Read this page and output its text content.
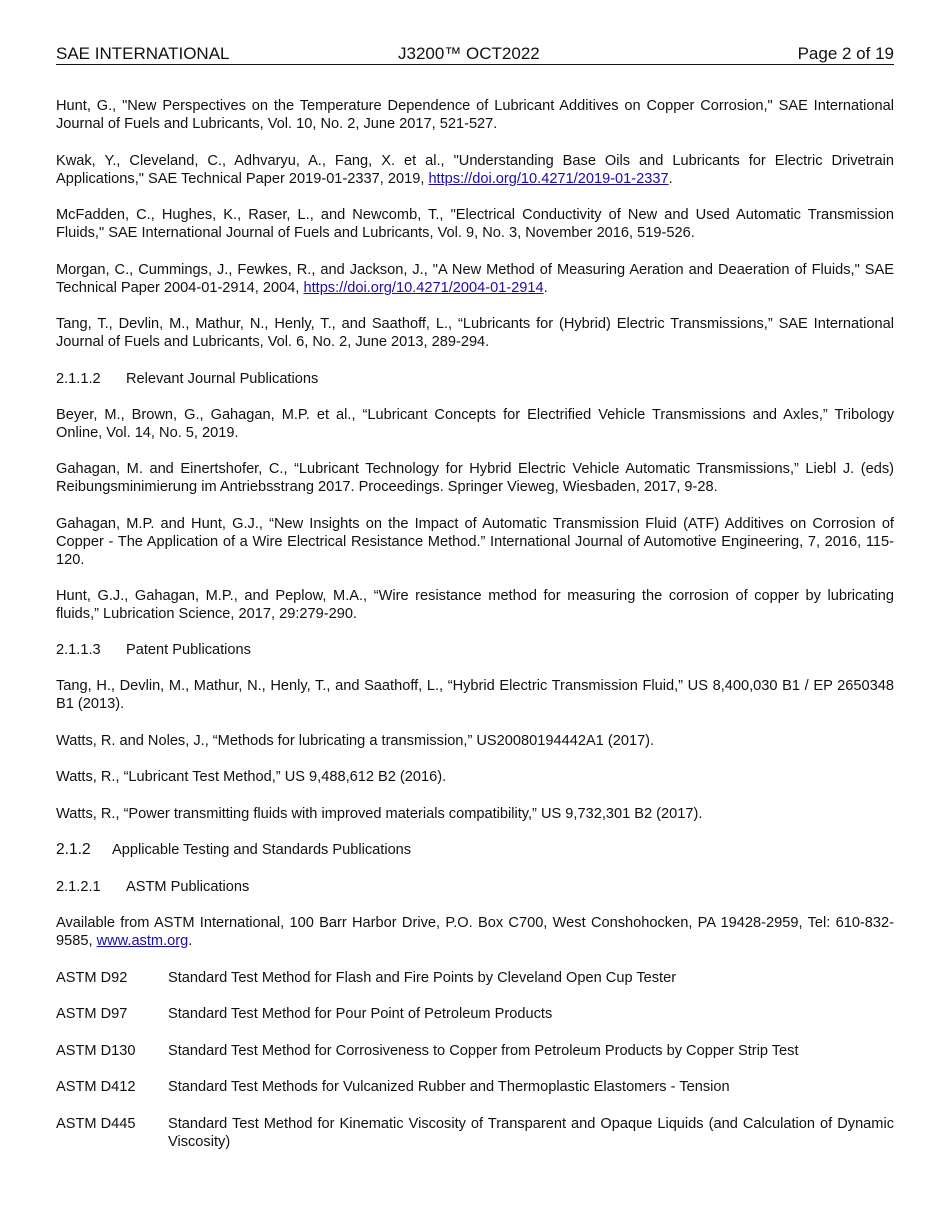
SAE INTERNATIONAL	J3200™ OCT2022	Page 2 of 19
Hunt, G., "New Perspectives on the Temperature Dependence of Lubricant Additives on Copper Corrosion," SAE International Journal of Fuels and Lubricants, Vol. 10, No. 2, June 2017, 521-527.
Kwak, Y., Cleveland, C., Adhvaryu, A., Fang, X. et al., "Understanding Base Oils and Lubricants for Electric Drivetrain Applications," SAE Technical Paper 2019-01-2337, 2019, https://doi.org/10.4271/2019-01-2337.
McFadden, C., Hughes, K., Raser, L., and Newcomb, T., "Electrical Conductivity of New and Used Automatic Transmission Fluids," SAE International Journal of Fuels and Lubricants, Vol. 9, No. 3, November 2016, 519-526.
Morgan, C., Cummings, J., Fewkes, R., and Jackson, J., "A New Method of Measuring Aeration and Deaeration of Fluids," SAE Technical Paper 2004-01-2914, 2004, https://doi.org/10.4271/2004-01-2914.
Tang, T., Devlin, M., Mathur, N., Henly, T., and Saathoff, L., “Lubricants for (Hybrid) Electric Transmissions,” SAE International Journal of Fuels and Lubricants, Vol. 6, No. 2, June 2013, 289-294.
2.1.1.2 Relevant Journal Publications
Beyer, M., Brown, G., Gahagan, M.P. et al., “Lubricant Concepts for Electrified Vehicle Transmissions and Axles,” Tribology Online, Vol. 14, No. 5, 2019.
Gahagan, M. and Einertshofer, C., “Lubricant Technology for Hybrid Electric Vehicle Automatic Transmissions,” Liebl J. (eds) Reibungsminimierung im Antriebsstrang 2017. Proceedings. Springer Vieweg, Wiesbaden, 2017, 9-28.
Gahagan, M.P. and Hunt, G.J., “New Insights on the Impact of Automatic Transmission Fluid (ATF) Additives on Corrosion of Copper - The Application of a Wire Electrical Resistance Method.” International Journal of Automotive Engineering, 7, 2016, 115-120.
Hunt, G.J., Gahagan, M.P., and Peplow, M.A., “Wire resistance method for measuring the corrosion of copper by lubricating fluids,” Lubrication Science, 2017, 29:279-290.
2.1.1.3 Patent Publications
Tang, H., Devlin, M., Mathur, N., Henly, T., and Saathoff, L., “Hybrid Electric Transmission Fluid,” US 8,400,030 B1 / EP 2650348 B1 (2013).
Watts, R. and Noles, J., “Methods for lubricating a transmission,” US20080194442A1 (2017).
Watts, R., “Lubricant Test Method,” US 9,488,612 B2 (2016).
Watts, R., “Power transmitting fluids with improved materials compatibility,” US 9,732,301 B2 (2017).
2.1.2 Applicable Testing and Standards Publications
2.1.2.1 ASTM Publications
Available from ASTM International, 100 Barr Harbor Drive, P.O. Box C700, West Conshohocken, PA 19428-2959, Tel: 610-832-9585, www.astm.org.
ASTM D92	Standard Test Method for Flash and Fire Points by Cleveland Open Cup Tester
ASTM D97	Standard Test Method for Pour Point of Petroleum Products
ASTM D130 Standard Test Method for Corrosiveness to Copper from Petroleum Products by Copper Strip Test
ASTM D412 Standard Test Methods for Vulcanized Rubber and Thermoplastic Elastomers - Tension
ASTM D445 Standard Test Method for Kinematic Viscosity of Transparent and Opaque Liquids (and Calculation of Dynamic Viscosity)
